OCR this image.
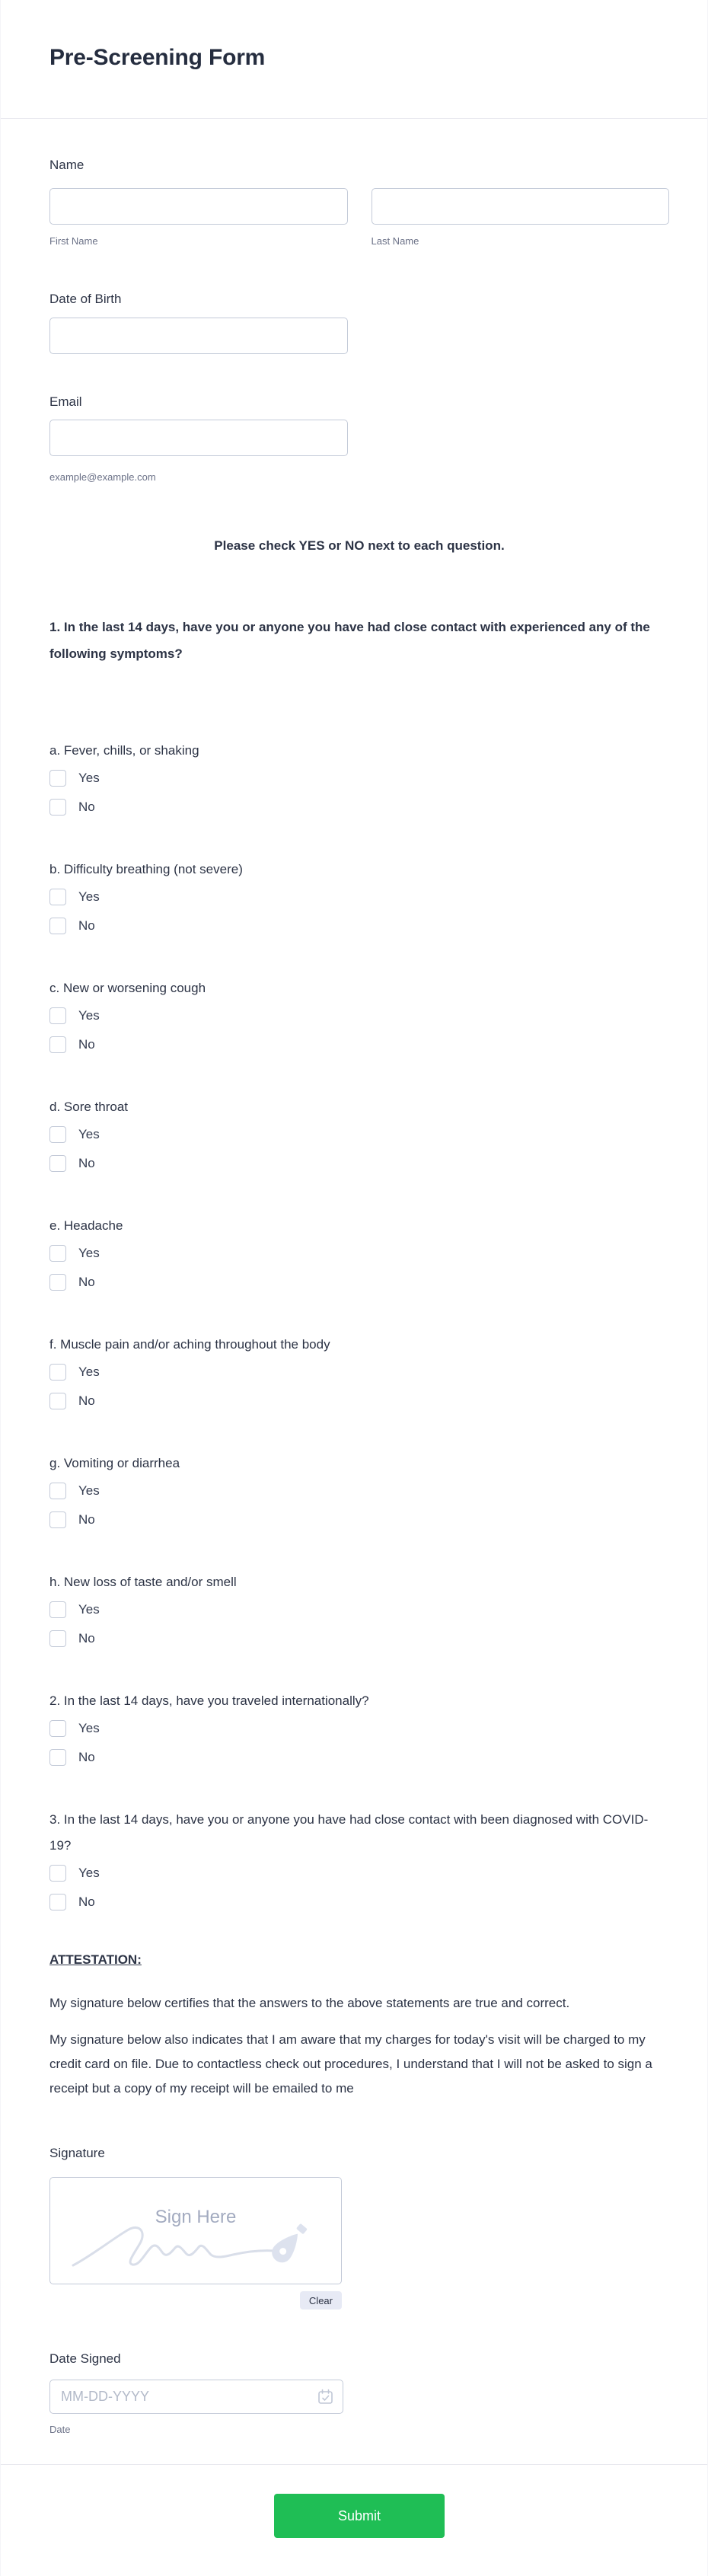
Pre-Screening Form
Name
First Name	Last Name
Date of Birth
Email
example@example.com
Please check YES or NO next to each question.
1. In the last 14 days, have you or anyone you have had close contact with experienced any of the following symptoms?
a. Fever, chills, or shaking
Yes
No
b. Difficulty breathing (not severe)
Yes
No
c. New or worsening cough
Yes
No
d. Sore throat
Yes
No
e. Headache
Yes
No
f. Muscle pain and/or aching throughout the body
Yes
No
g. Vomiting or diarrhea
Yes
No
h. New loss of taste and/or smell
Yes
No
2. In the last 14 days, have you traveled internationally?
Yes
No
3. In the last 14 days, have you or anyone you have had close contact with been diagnosed with COVID-19?
Yes
No
ATTESTATION:

My signature below certifies that the answers to the above statements are true and correct.

My signature below also indicates that I am aware that my charges for today's visit will be charged to my credit card on file. Due to contactless check out procedures, I understand that I will not be asked to sign a receipt but a copy of my receipt will be emailed to me

Signature
Sign Here
Clear
Date Signed
MM-DD-YYYY
Date
Submit
